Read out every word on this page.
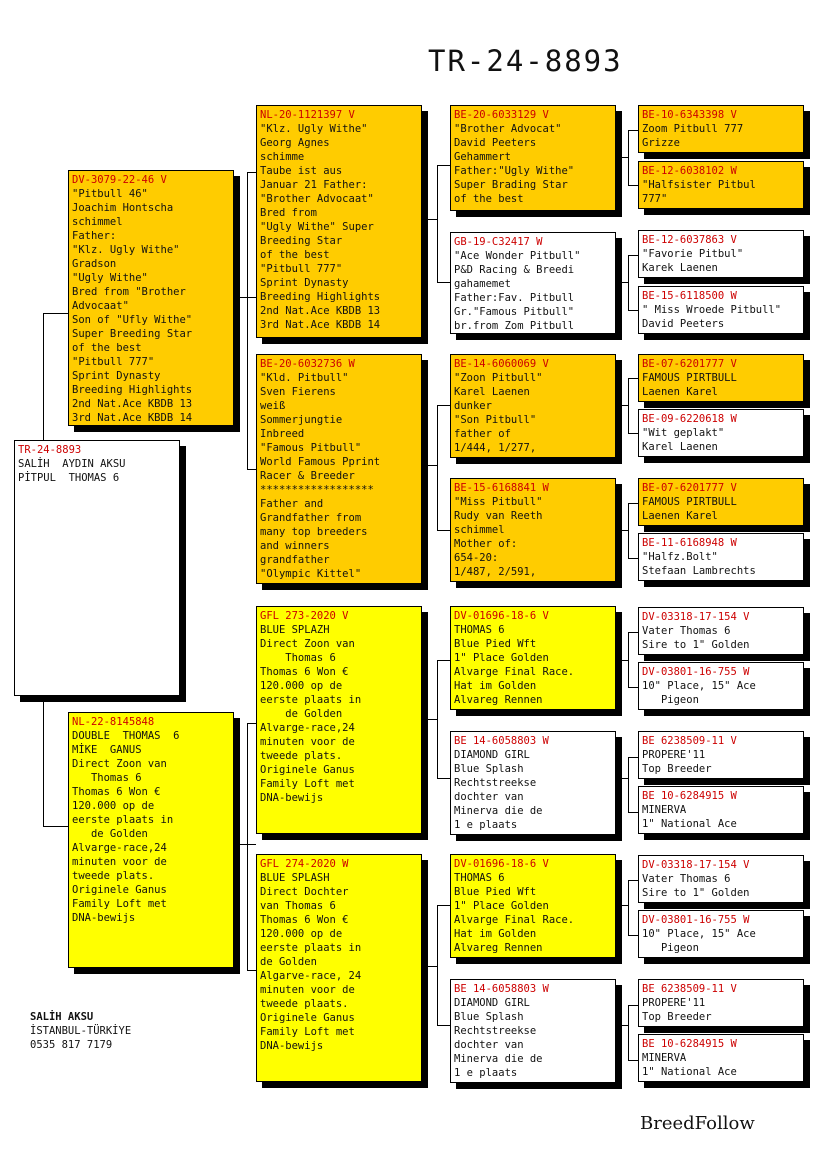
TR-24-8893
TR-24-8893
SALİH  AYDIN AKSU
PİTPUL  THOMAS 6
DV-3079-22-46 V
"Pitbull 46"
Joachim Hontscha
schimmel
Father:
"Klz. Ugly Withe"
Gradson
"Ugly Withe"
Bred from "Brother
Advocaat"
Son of "Ufly Withe"
Super Breeding Star
of the best
"Pitbull 777"
Sprint Dynasty
Breeding Highlights
2nd Nat.Ace KBDB 13
3rd Nat.Ace KBDB 14
NL-22-8145848
DOUBLE  THOMAS  6
MİKE  GANUS
Direct Zoon van
Thomas 6
Thomas 6 Won €
120.000 op de
eerste plaats in
de Golden
Alvarge-race,24
minuten voor de
tweede plats.
Originele Ganus
Family Loft met
DNA-bewijs
NL-20-1121397 V
"Klz. Ugly Withe"
Georg Agnes
schimme
Taube ist aus
Januar 21 Father:
"Brother Advocaat"
Bred from
"Ugly Withe" Super
Breeding Star
of the best
"Pitbull 777"
Sprint Dynasty
Breeding Highlights
2nd Nat.Ace KBDB 13
3rd Nat.Ace KBDB 14
BE-20-6032736 W
"Kld. Pitbull"
Sven Fierens
weiß
Sommerjungtie
Inbreed
"Famous Pitbull"
World Famous Pprint
Racer & Breeder
******************
Father and
Grandfather from
many top breeders
and winners
grandfather
"Olympic Kittel"
GFL 273-2020 V
BLUE SPLAZH
Direct Zoon van
Thomas 6
Thomas 6 Won €
120.000 op de
eerste plaats in
de Golden
Alvarge-race,24
minuten voor de
tweede plats.
Originele Ganus
Family Loft met
DNA-bewijs
GFL 274-2020 W
BLUE SPLASH
Direct Dochter
van Thomas 6
Thomas 6 Won €
120.000 op de
eerste plaats in
de Golden
Algarve-race, 24
minuten voor de
tweede plaats.
Originele Ganus
Family Loft met
DNA-bewijs
BE-20-6033129 V
"Brother Advocat"
David Peeters
Gehammert
Father:"Ugly Withe"
Super Brading Star
of the best
GB-19-C32417 W
"Ace Wonder Pitbull"
P&D Racing & Breedi
gahamemet
Father:Fav. Pitbull
Gr."Famous Pitbull"
br.from Zom Pitbull
BE-14-6060069 V
"Zoon Pitbull"
Karel Laenen
dunker
"Son Pitbull"
father of
1/444, 1/277,
BE-15-6168841 W
"Miss Pitbull"
Rudy van Reeth
schimmel
Mother of:
654-20:
1/487, 2/591,
DV-01696-18-6 V
THOMAS 6
Blue Pied Wft
1" Place Golden
Alvarge Final Race.
Hat im Golden
Alvareg Rennen
BE 14-6058803 W
DIAMOND GIRL
Blue Splash
Rechtstreekse
dochter van
Minerva die de
1 e plaats
DV-01696-18-6 V
THOMAS 6
Blue Pied Wft
1" Place Golden
Alvarge Final Race.
Hat im Golden
Alvareg Rennen
BE 14-6058803 W
DIAMOND GIRL
Blue Splash
Rechtstreekse
dochter van
Minerva die de
1 e plaats
BE-10-6343398 V
Zoom Pitbull 777
Grizze
BE-12-6038102 W
"Halfsister Pitbul
777"
BE-12-6037863 V
"Favorie Pitbul"
Karek Laenen
BE-15-6118500 W
" Miss Wroede Pitbull"
David Peeters
BE-07-6201777 V
FAMOUS PIRTBULL
Laenen Karel
BE-09-6220618 W
"Wit geplakt"
Karel Laenen
BE-07-6201777 V
FAMOUS PIRTBULL
Laenen Karel
BE-11-6168948 W
"Halfz.Bolt"
Stefaan Lambrechts
DV-03318-17-154 V
Vater Thomas 6
Sire to 1" Golden
DV-03801-16-755 W
10" Place, 15" Ace
Pigeon
BE 6238509-11 V
PROPERE'11
Top Breeder
BE 10-6284915 W
MINERVA
1" National Ace
DV-03318-17-154 V
Vater Thomas 6
Sire to 1" Golden
DV-03801-16-755 W
10" Place, 15" Ace
Pigeon
BE 6238509-11 V
PROPERE'11
Top Breeder
BE 10-6284915 W
MINERVA
1" National Ace
SALİH AKSU
İSTANBUL-TÜRKİYE
0535 817 7179
BreedFollow
